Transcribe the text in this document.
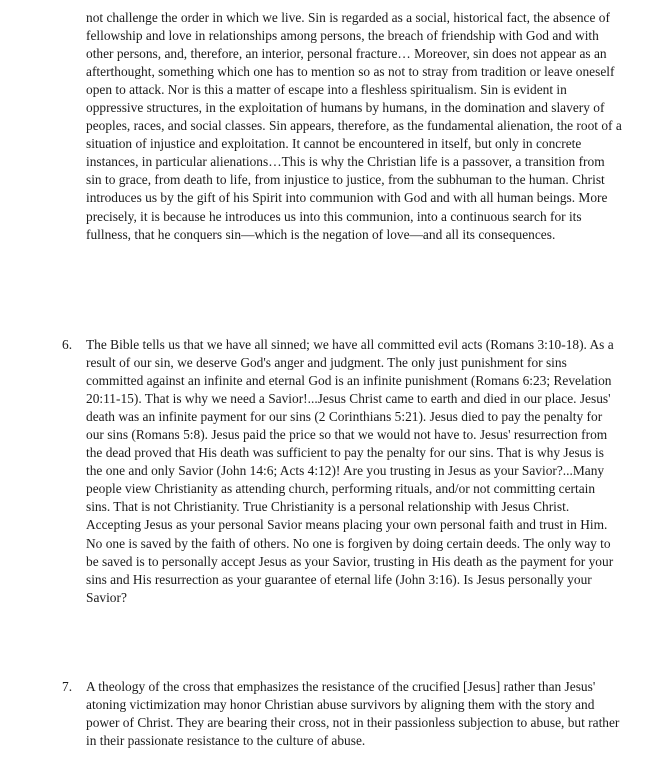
not challenge the order in which we live. Sin is regarded as a social, historical fact, the absence of fellowship and love in relationships among persons, the breach of friendship with God and with other persons, and, therefore, an interior, personal fracture… Moreover, sin does not appear as an afterthought, something which one has to mention so as not to stray from tradition or leave oneself open to attack. Nor is this a matter of escape into a fleshless spiritualism. Sin is evident in oppressive structures, in the exploitation of humans by humans, in the domination and slavery of peoples, races, and social classes. Sin appears, therefore, as the fundamental alienation, the root of a situation of injustice and exploitation. It cannot be encountered in itself, but only in concrete instances, in particular alienations…This is why the Christian life is a passover, a transition from sin to grace, from death to life, from injustice to justice, from the subhuman to the human. Christ introduces us by the gift of his Spirit into communion with God and with all human beings. More precisely, it is because he introduces us into this communion, into a continuous search for its fullness, that he conquers sin—which is the negation of love—and all its consequences.

6.	The Bible tells us that we have all sinned; we have all committed evil acts (Romans 3:10-18). As a result of our sin, we deserve God's anger and judgment. The only just punishment for sins committed against an infinite and eternal God is an infinite punishment (Romans 6:23; Revelation 20:11-15). That is why we need a Savior!...Jesus Christ came to earth and died in our place. Jesus' death was an infinite payment for our sins (2 Corinthians 5:21). Jesus died to pay the penalty for our sins (Romans 5:8). Jesus paid the price so that we would not have to. Jesus' resurrection from the dead proved that His death was sufficient to pay the penalty for our sins. That is why Jesus is the one and only Savior (John 14:6; Acts 4:12)! Are you trusting in Jesus as your Savior?...Many people view Christianity as attending church, performing rituals, and/or not committing certain sins. That is not Christianity. True Christianity is a personal relationship with Jesus Christ. Accepting Jesus as your personal Savior means placing your own personal faith and trust in Him. No one is saved by the faith of others. No one is forgiven by doing certain deeds. The only way to be saved is to personally accept Jesus as your Savior, trusting in His death as the payment for your sins and His resurrection as your guarantee of eternal life (John 3:16). Is Jesus personally your Savior?

7.	A theology of the cross that emphasizes the resistance of the crucified [Jesus] rather than Jesus' atoning victimization may honor Christian abuse survivors by aligning them with the story and power of Christ. They are bearing their cross, not in their passionless subjection to abuse, but rather in their passionate resistance to the culture of abuse.
